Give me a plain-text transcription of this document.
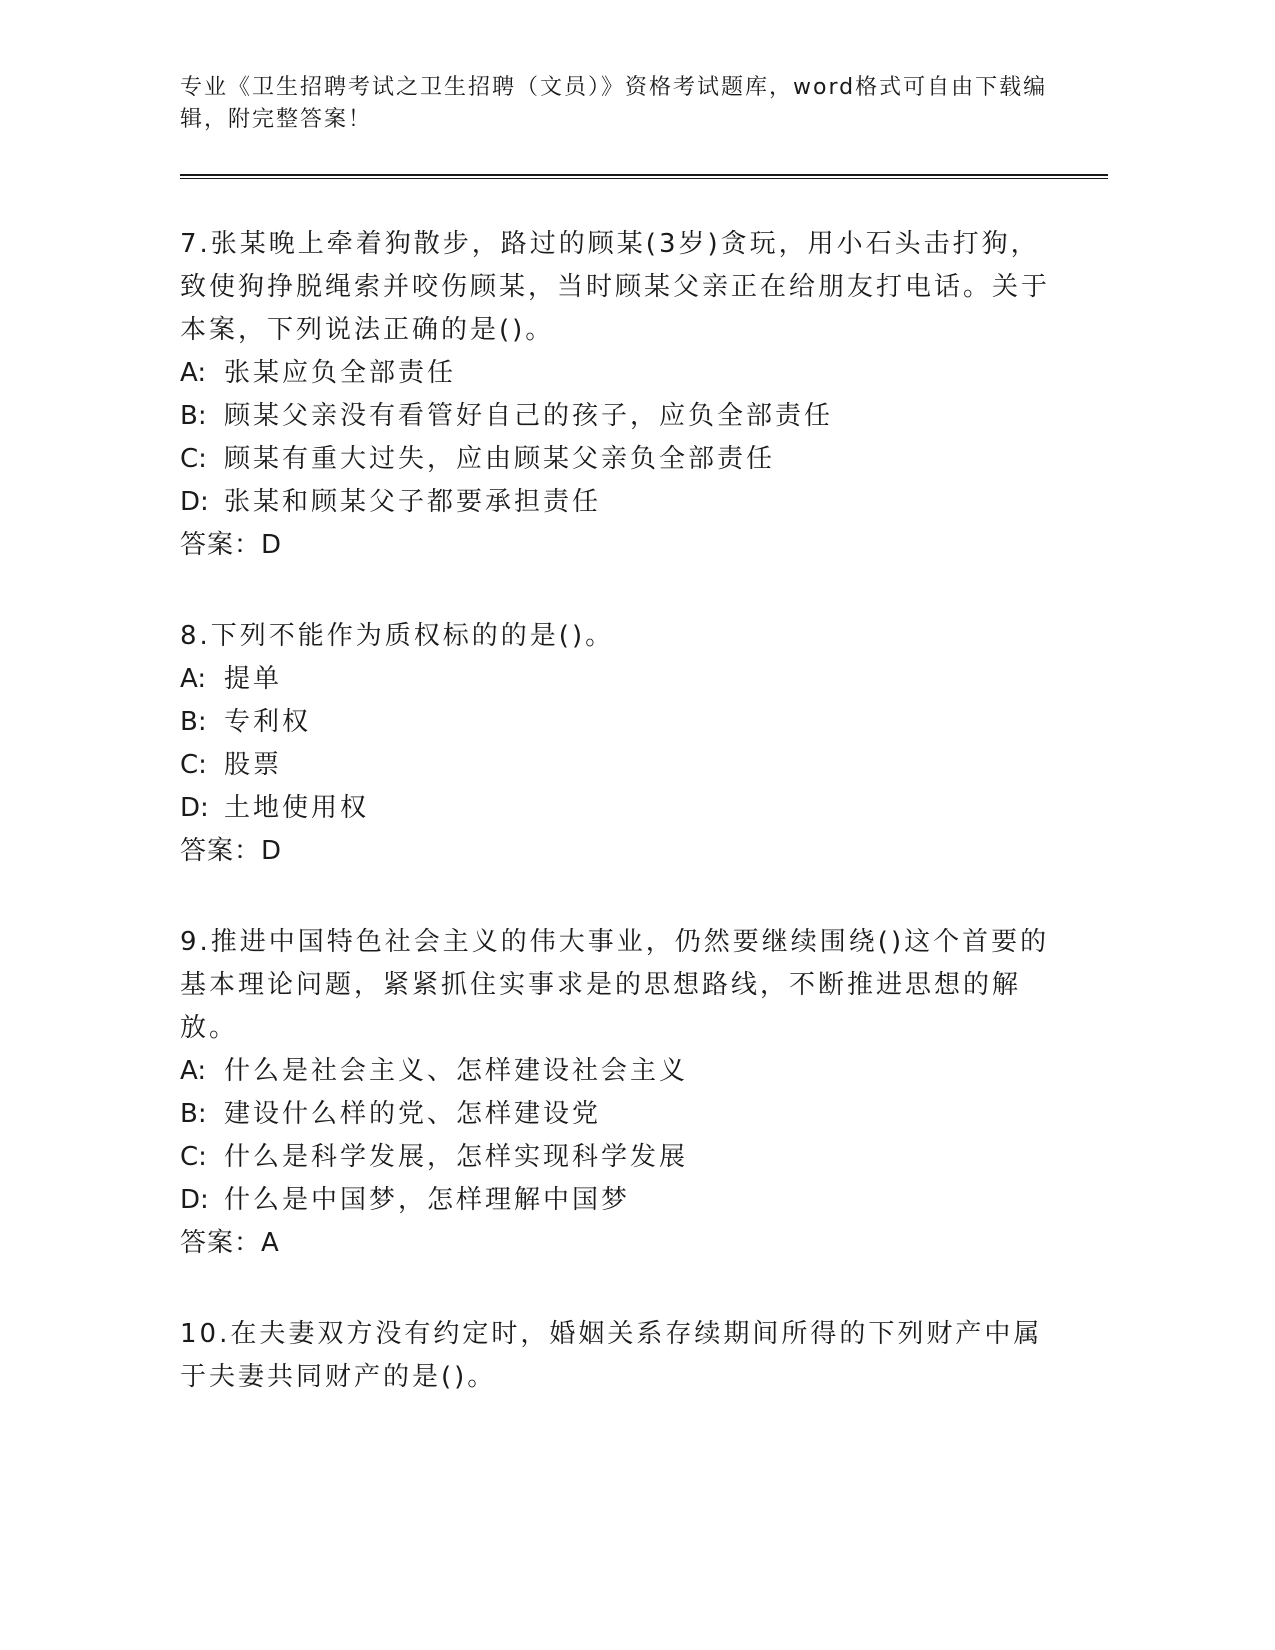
专业《卫生招聘考试之卫生招聘（文员）》资格考试题库，word格式可自由下载编辑，附完整答案！

7.张某晚上牵着狗散步，路过的顾某(3岁)贪玩，用小石头击打狗，致使狗挣脱绳索并咬伤顾某，当时顾某父亲正在给朋友打电话。关于本案，下列说法正确的是()。

A: 张某应负全部责任

B: 顾某父亲没有看管好自己的孩子，应负全部责任

C: 顾某有重大过失，应由顾某父亲负全部责任

D: 张某和顾某父子都要承担责任

答案：D

8.下列不能作为质权标的的是()。

A: 提单

B: 专利权

C: 股票

D: 土地使用权

答案：D

9.推进中国特色社会主义的伟大事业，仍然要继续围绕()这个首要的基本理论问题，紧紧抓住实事求是的思想路线，不断推进思想的解放。

A: 什么是社会主义、怎样建设社会主义

B: 建设什么样的党、怎样建设党

C: 什么是科学发展，怎样实现科学发展

D: 什么是中国梦，怎样理解中国梦

答案：A

10.在夫妻双方没有约定时，婚姻关系存续期间所得的下列财产中属于夫妻共同财产的是()。
